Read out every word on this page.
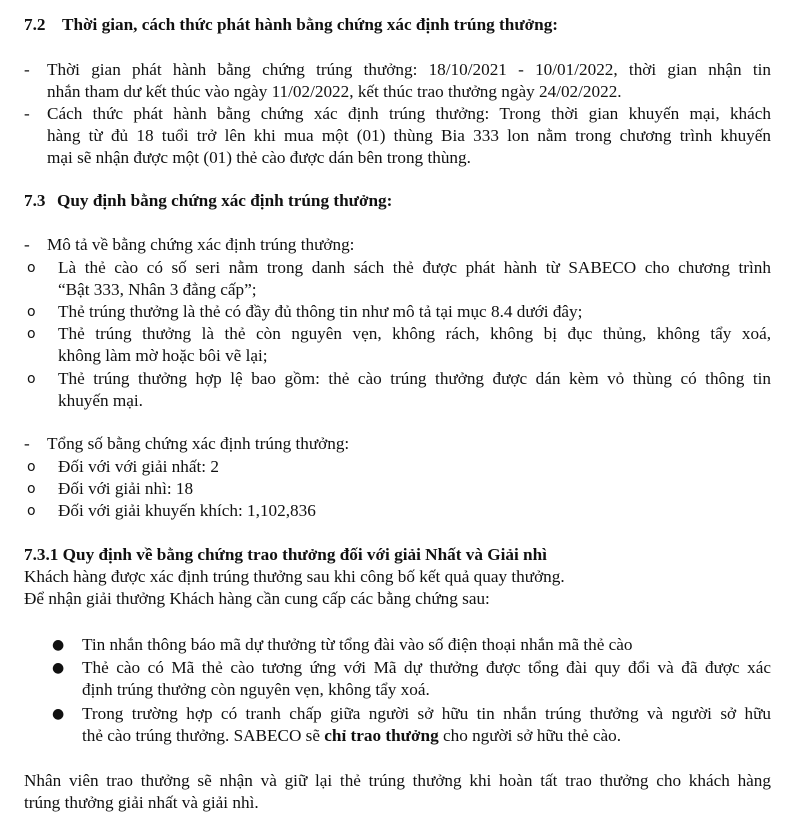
7.2 Thời gian, cách thức phát hành bằng chứng xác định trúng thưởng:
- Thời gian phát hành bằng chứng trúng thưởng: 18/10/2021 - 10/01/2022, thời gian nhận tin
nhắn tham dư kết thúc vào ngày 11/02/2022, kết thúc trao thưởng ngày 24/02/2022.
- Cách thức phát hành bằng chứng xác định trúng thưởng: Trong thời gian khuyến mại, khách
hàng từ đủ 18 tuổi trở lên khi mua một (01) thùng Bia 333 lon nằm trong chương trình khuyến
mại sẽ nhận được một (01) thẻ cào được dán bên trong thùng.
7.3 Quy định bằng chứng xác định trúng thưởng:
- Mô tả về bằng chứng xác định trúng thưởng:
o Là thẻ cào có số seri nằm trong danh sách thẻ được phát hành từ SABECO cho chương trình
“Bật 333, Nhân 3 đẳng cấp”;
o Thẻ trúng thưởng là thẻ có đầy đủ thông tin như mô tả tại mục 8.4 dưới đây;
o Thẻ trúng thưởng là thẻ còn nguyên vẹn, không rách, không bị đục thủng, không tẩy xoá,
không làm mờ hoặc bôi vẽ lại;
o Thẻ trúng thưởng hợp lệ bao gồm: thẻ cào trúng thưởng được dán kèm vỏ thùng có thông tin
khuyến mại.
- Tổng số bằng chứng xác định trúng thưởng:
o Đối với với giải nhất: 2
o Đối với giải nhì: 18
o Đối với giải khuyến khích: 1,102,836
7.3.1 Quy định về bằng chứng trao thưởng đối với giải Nhất và Giải nhì
Khách hàng được xác định trúng thưởng sau khi công bố kết quả quay thưởng.
Để nhận giải thưởng Khách hàng cần cung cấp các bằng chứng sau:
● Tin nhắn thông báo mã dự thưởng từ tổng đài vào số điện thoại nhắn mã thẻ cào
● Thẻ cào có Mã thẻ cào tương ứng với Mã dự thưởng được tổng đài quy đổi và đã được xác
định trúng thưởng còn nguyên vẹn, không tẩy xoá.
● Trong trường hợp có tranh chấp giữa người sở hữu tin nhắn trúng thưởng và người sở hữu
thẻ cào trúng thưởng. SABECO sẽ chỉ trao thưởng cho người sở hữu thẻ cào.
Nhân viên trao thưởng sẽ nhận và giữ lại thẻ trúng thưởng khi hoàn tất trao thưởng cho khách hàng
trúng thưởng giải nhất và giải nhì.
